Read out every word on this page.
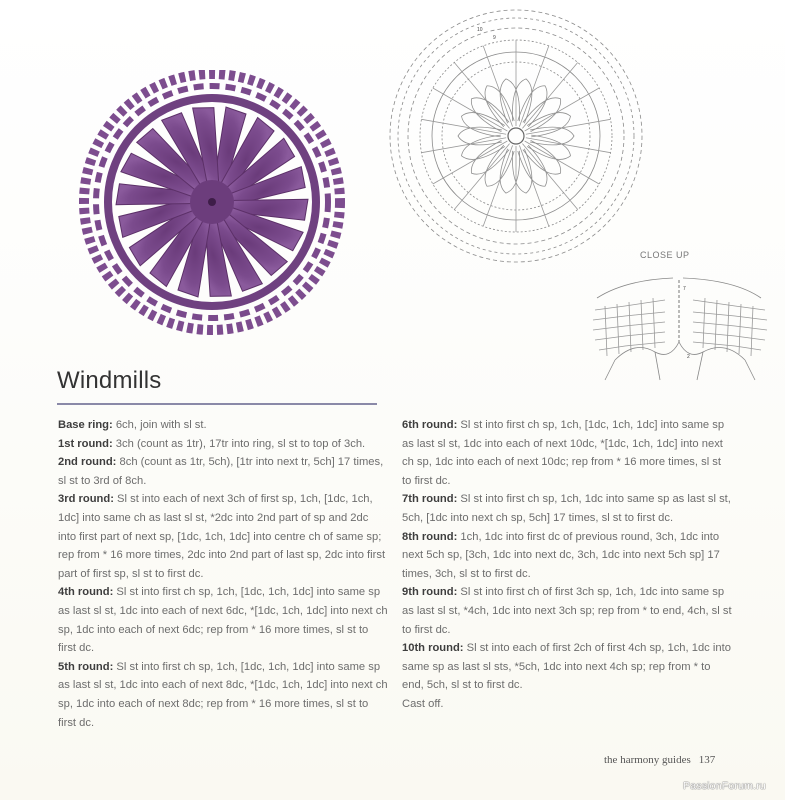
10
9
CLOSE UP
7
2
Windmills

Base ring: 6ch, join with sl st.

1st round: 3ch (count as 1tr), 17tr into ring, sl st to top of 3ch.

2nd round: 8ch (count as 1tr, 5ch), [1tr into next tr, 5ch] 17 times, sl st to 3rd of 8ch.

3rd round: Sl st into each of next 3ch of first sp, 1ch, [1dc, 1ch, 1dc] into same ch as last sl st, *2dc into 2nd part of sp and 2dc into first part of next sp, [1dc, 1ch, 1dc] into centre ch of same sp; rep from * 16 more times, 2dc into 2nd part of last sp, 2dc into first part of first sp, sl st to first dc.

4th round: Sl st into first ch sp, 1ch, [1dc, 1ch, 1dc] into same sp as last sl st, 1dc into each of next 6dc, *[1dc, 1ch, 1dc] into next ch sp, 1dc into each of next 6dc; rep from * 16 more times, sl st to first dc.

5th round: Sl st into first ch sp, 1ch, [1dc, 1ch, 1dc] into same sp as last sl st, 1dc into each of next 8dc, *[1dc, 1ch, 1dc] into next ch sp, 1dc into each of next 8dc; rep from * 16 more times, sl st to first dc.

6th round: Sl st into first ch sp, 1ch, [1dc, 1ch, 1dc] into same sp as last sl st, 1dc into each of next 10dc, *[1dc, 1ch, 1dc] into next ch sp, 1dc into each of next 10dc; rep from * 16 more times, sl st to first dc.

7th round: Sl st into first ch sp, 1ch, 1dc into same sp as last sl st, 5ch, [1dc into next ch sp, 5ch] 17 times, sl st to first dc.

8th round: 1ch, 1dc into first dc of previous round, 3ch, 1dc into next 5ch sp, [3ch, 1dc into next dc, 3ch, 1dc into next 5ch sp] 17 times, 3ch, sl st to first dc.

9th round: Sl st into first ch of first 3ch sp, 1ch, 1dc into same sp as last sl st, *4ch, 1dc into next 3ch sp; rep from * to end, 4ch, sl st to first dc.

10th round: Sl st into each of first 2ch of first 4ch sp, 1ch, 1dc into same sp as last sl sts, *5ch, 1dc into next 4ch sp; rep from * to end, 5ch, sl st to first dc.

Cast off.

the harmony guides 137
PassionForum.ru
